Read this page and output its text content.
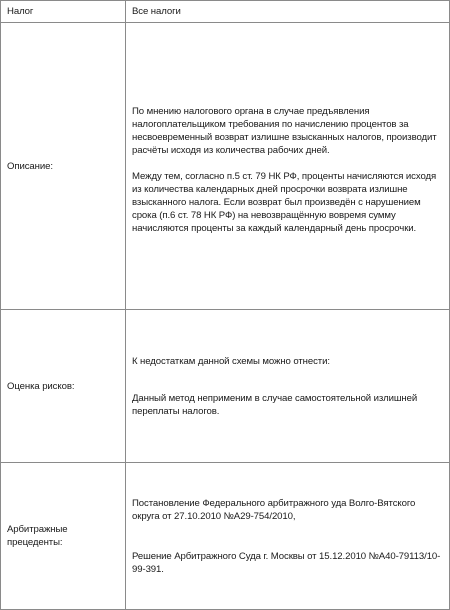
Налог	Все налоги
Описание:	По мнению налогового органа в случае предъявления налогоплательщиком требования по начислению процентов за несвоевременный возврат излишне взысканных налогов, производит расчёты исходя из количества рабочих дней.

Между тем, согласно п.5 ст. 79 НК РФ, проценты начисляются исходя из количества календарных дней просрочки возврата излишне взысканного налога. Если возврат был произведён с нарушением срока (п.6 ст. 78 НК РФ) на невозвращённую вовремя сумму начисляются проценты за каждый календарный день просрочки.

Оценка рисков:	К недостаткам данной схемы можно отнести:

Данный метод неприменим в случае самостоятельной излишней переплаты налогов.

Арбитражные прецеденты:	Постановление Федерального арбитражного уда Волго-Вятского округа от 27.10.2010 №А29-754/2010,

Решение Арбитражного Суда г. Москвы от 15.12.2010 №А40-79113/10-99-391.
